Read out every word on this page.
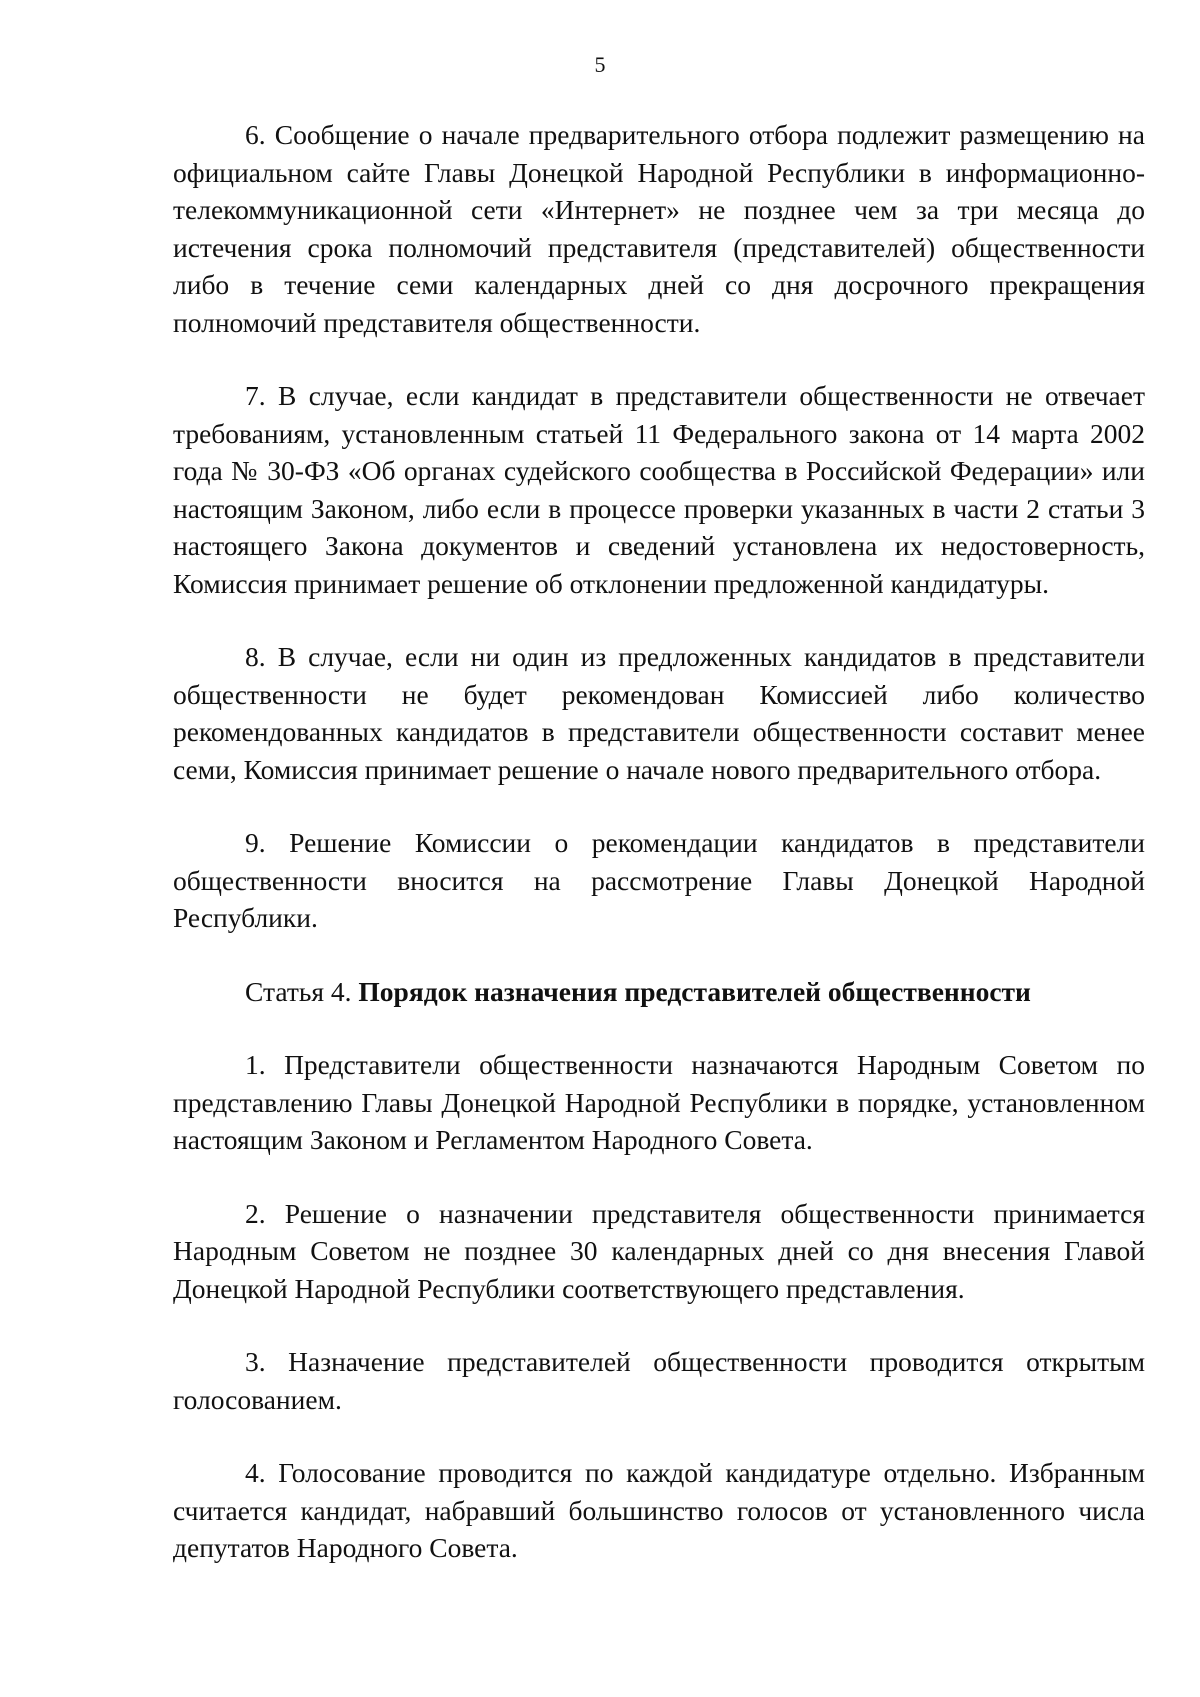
5

6. Сообщение о начале предварительного отбора подлежит размещению на официальном сайте Главы Донецкой Народной Республики в информационно-телекоммуникационной сети «Интернет» не позднее чем за три месяца до истечения срока полномочий представителя (представителей) общественности либо в течение семи календарных дней со дня досрочного прекращения полномочий представителя общественности.

7. В случае, если кандидат в представители общественности не отвечает требованиям, установленным статьей 11 Федерального закона от 14 марта 2002 года № 30-ФЗ «Об органах судейского сообщества в Российской Федерации» или настоящим Законом, либо если в процессе проверки указанных в части 2 статьи 3 настоящего Закона документов и сведений установлена их недостоверность, Комиссия принимает решение об отклонении предложенной кандидатуры.

8. В случае, если ни один из предложенных кандидатов в представители общественности не будет рекомендован Комиссией либо количество рекомендованных кандидатов в представители общественности составит менее семи, Комиссия принимает решение о начале нового предварительного отбора.

9. Решение Комиссии о рекомендации кандидатов в представители общественности вносится на рассмотрение Главы Донецкой Народной Республики.

Статья 4. Порядок назначения представителей общественности

1. Представители общественности назначаются Народным Советом по представлению Главы Донецкой Народной Республики в порядке, установленном настоящим Законом и Регламентом Народного Совета.

2. Решение о назначении представителя общественности принимается Народным Советом не позднее 30 календарных дней со дня внесения Главой Донецкой Народной Республики соответствующего представления.

3. Назначение представителей общественности проводится открытым голосованием.

4. Голосование проводится по каждой кандидатуре отдельно. Избранным считается кандидат, набравший большинство голосов от установленного числа депутатов Народного Совета.
